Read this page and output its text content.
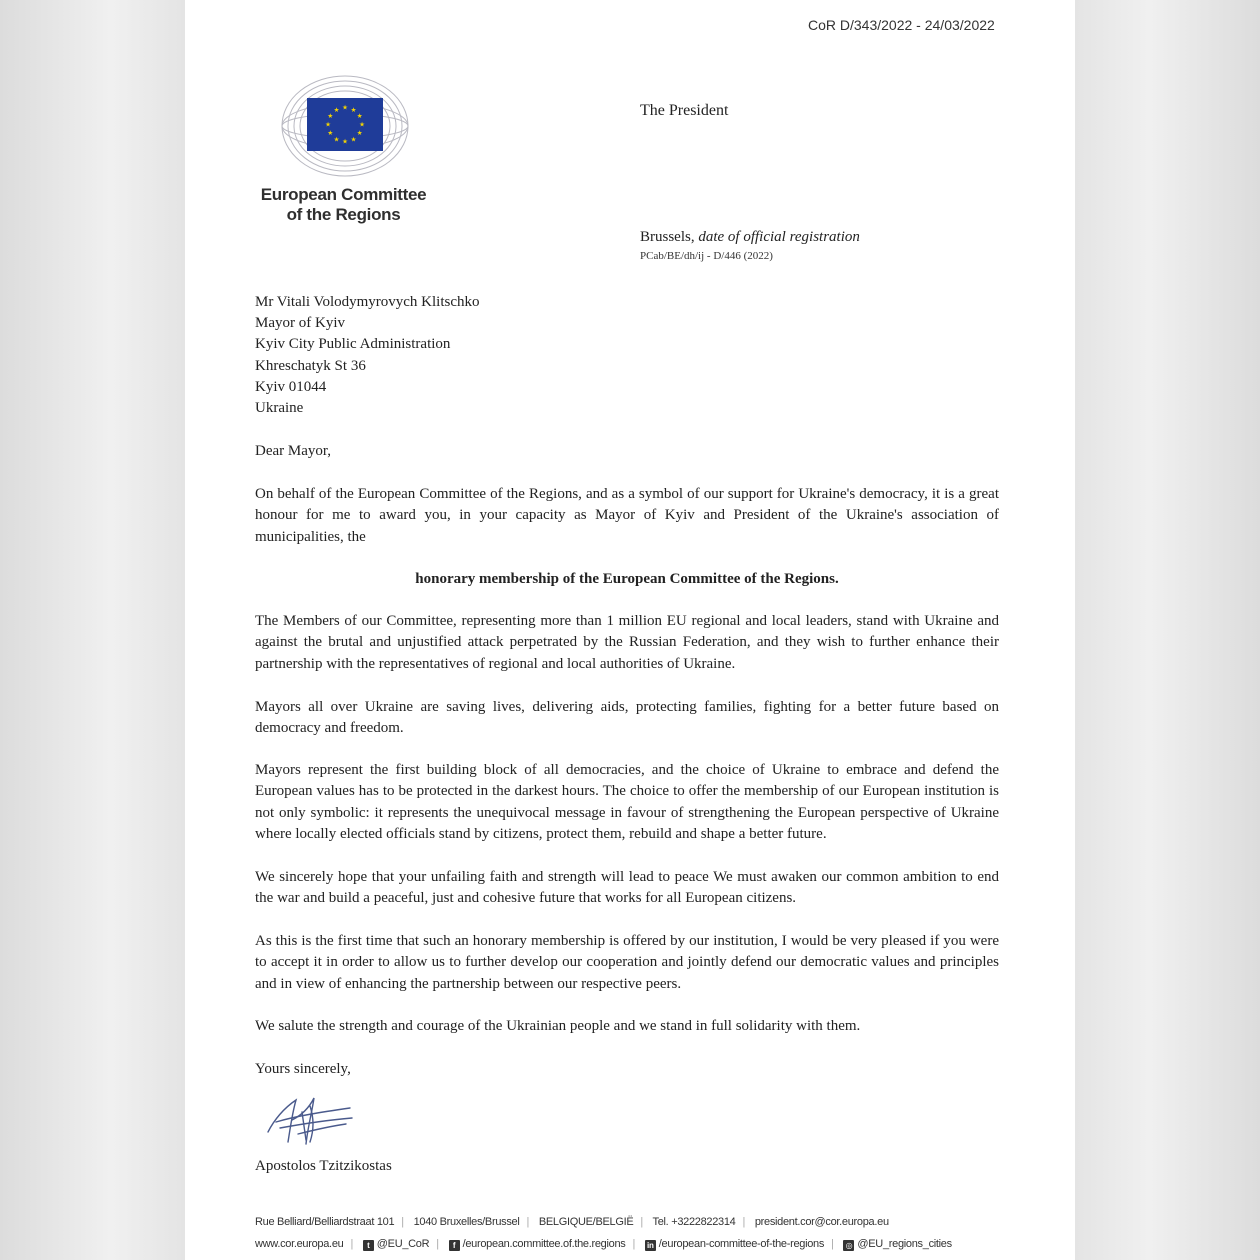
CoR D/343/2022 - 24/03/2022
★ ★
★
★
★
★
★
★
★
★
★
★
European Committee
of the Regions
The President
Brussels, date of official registration
PCab/BE/dh/ij - D/446 (2022)
Mr Vitali Volodymyrovych Klitschko
Mayor of Kyiv
Kyiv City Public Administration
Khreschatyk St 36
Kyiv 01044
Ukraine

Dear Mayor,

On behalf of the European Committee of the Regions, and as a symbol of our support for Ukraine's democracy, it is a great honour for me to award you, in your capacity as Mayor of Kyiv and President of the Ukraine's association of municipalities, the

honorary membership of the European Committee of the Regions.

The Members of our Committee, representing more than 1 million EU regional and local leaders, stand with Ukraine and against the brutal and unjustified attack perpetrated by the Russian Federation, and they wish to further enhance their partnership with the representatives of regional and local authorities of Ukraine.

Mayors all over Ukraine are saving lives, delivering aids, protecting families, fighting for a better future based on democracy and freedom.

Mayors represent the first building block of all democracies, and the choice of Ukraine to embrace and defend the European values has to be protected in the darkest hours. The choice to offer the membership of our European institution is not only symbolic: it represents the unequivocal message in favour of strengthening the European perspective of Ukraine where locally elected officials stand by citizens, protect them, rebuild and shape a better future.

We sincerely hope that your unfailing faith and strength will lead to peace We must awaken our common ambition to end the war and build a peaceful, just and cohesive future that works for all European citizens.

As this is the first time that such an honorary membership is offered by our institution, I would be very pleased if you were to accept it in order to allow us to further develop our cooperation and jointly defend our democratic values and principles and in view of enhancing the partnership between our respective peers.

We salute the strength and courage of the Ukrainian people and we stand in full solidarity with them.

Yours sincerely,

Apostolos Tzitzikostas
Rue Belliard/Belliardstraat 101 | 1040 Bruxelles/Brussel | BELGIQUE/BELGIË | Tel. +3222822314 | president.cor@cor.europa.eu
www.cor.europa.eu | t @EU_CoR | f /european.committee.of.the.regions | in /european-committee-of-the-regions | ◎ @EU_regions_cities
